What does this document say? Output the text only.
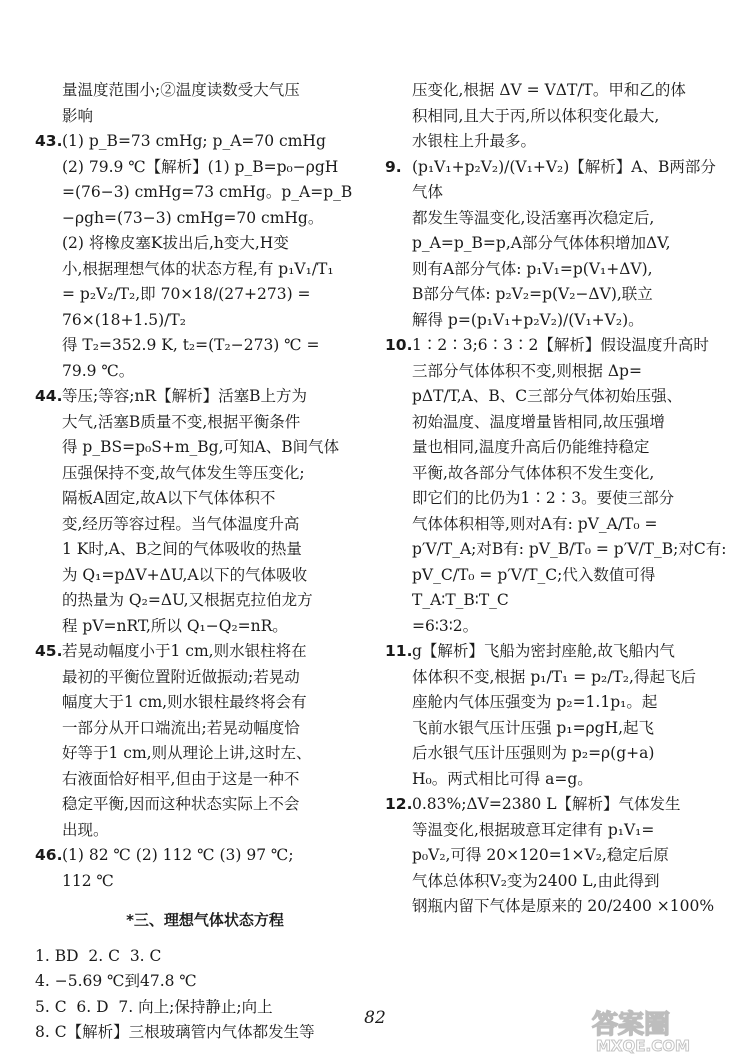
量温度范围小;②温度读数受大气压
影响
43. (1) p_B=73 cmHg; p_A=70 cmHg
(2) 79.9 ℃【解析】(1) p_B=p₀−ρgH
=(76−3) cmHg=73 cmHg。p_A=p_B
−ρgh=(73−3) cmHg=70 cmHg。
(2) 将橡皮塞K拔出后,h变大,H变
小,根据理想气体的状态方程,有 p₁V₁/T₁
= p₂V₂/T₂,即 70×18/(27+273) = 76×(18+1.5)/T₂
得 T₂=352.9 K, t₂=(T₂−273) ℃ =
79.9 ℃。
44. 等压;等容;nR【解析】活塞B上方为
大气,活塞B质量不变,根据平衡条件
得 p_BS=p₀S+m_Bg,可知A、B间气体
压强保持不变,故气体发生等压变化;
隔板A固定,故A以下气体体积不
变,经历等容过程。当气体温度升高
1 K时,A、B之间的气体吸收的热量
为 Q₁=pΔV+ΔU,A以下的气体吸收
的热量为 Q₂=ΔU,又根据克拉伯龙方
程 pV=nRT,所以 Q₁−Q₂=nR。
45. 若晃动幅度小于1 cm,则水银柱将在
最初的平衡位置附近做振动;若晃动
幅度大于1 cm,则水银柱最终将会有
一部分从开口端流出;若晃动幅度恰
好等于1 cm,则从理论上讲,这时左、
右液面恰好相平,但由于这是一种不
稳定平衡,因而这种状态实际上不会
出现。
46. (1) 82 ℃ (2) 112 ℃ (3) 97 ℃;
112 ℃
*三、理想气体状态方程
1. BD  2. C  3. C
4. −5.69 ℃到47.8 ℃
5. C  6. D  7. 向上;保持静止;向上
8. C【解析】三根玻璃管内气体都发生等
压变化,根据 ΔV = VΔT/T。甲和乙的体
积相同,且大于丙,所以体积变化最大,
水银柱上升最多。
9. (p₁V₁+p₂V₂)/(V₁+V₂)【解析】A、B两部分气体
都发生等温变化,设活塞再次稳定后,
p_A=p_B=p,A部分气体体积增加ΔV,
则有A部分气体: p₁V₁=p(V₁+ΔV),
B部分气体: p₂V₂=p(V₂−ΔV),联立
解得 p=(p₁V₁+p₂V₂)/(V₁+V₂)。
10. 1∶2∶3;6∶3∶2【解析】假设温度升高时
三部分气体体积不变,则根据 Δp=
pΔT/T,A、B、C三部分气体初始压强、
初始温度、温度增量皆相同,故压强增
量也相同,温度升高后仍能维持稳定
平衡,故各部分气体体积不发生变化,
即它们的比仍为1∶2∶3。要使三部分
气体体积相等,则对A有: pV_A/T₀ =
p′V/T_A;对B有: pV_B/T₀ = p′V/T_B;对C有:
pV_C/T₀ = p′V/T_C;代入数值可得 T_A∶T_B∶T_C
=6∶3∶2。
11. g【解析】飞船为密封座舱,故飞船内气
体体积不变,根据 p₁/T₁ = p₂/T₂,得起飞后
座舱内气体压强变为 p₂=1.1p₁。起
飞前水银气压计压强 p₁=ρgH,起飞
后水银气压计压强则为 p₂=ρ(g+a)
H₀。两式相比可得 a=g。
12. 0.83%;ΔV=2380 L【解析】气体发生
等温变化,根据玻意耳定律有 p₁V₁=
p₀V₂,可得 20×120=1×V₂,稳定后原
气体总体积V₂变为2400 L,由此得到
钢瓶内留下气体是原来的 20/2400 ×100%
82	答案圈
MXQE.COM
